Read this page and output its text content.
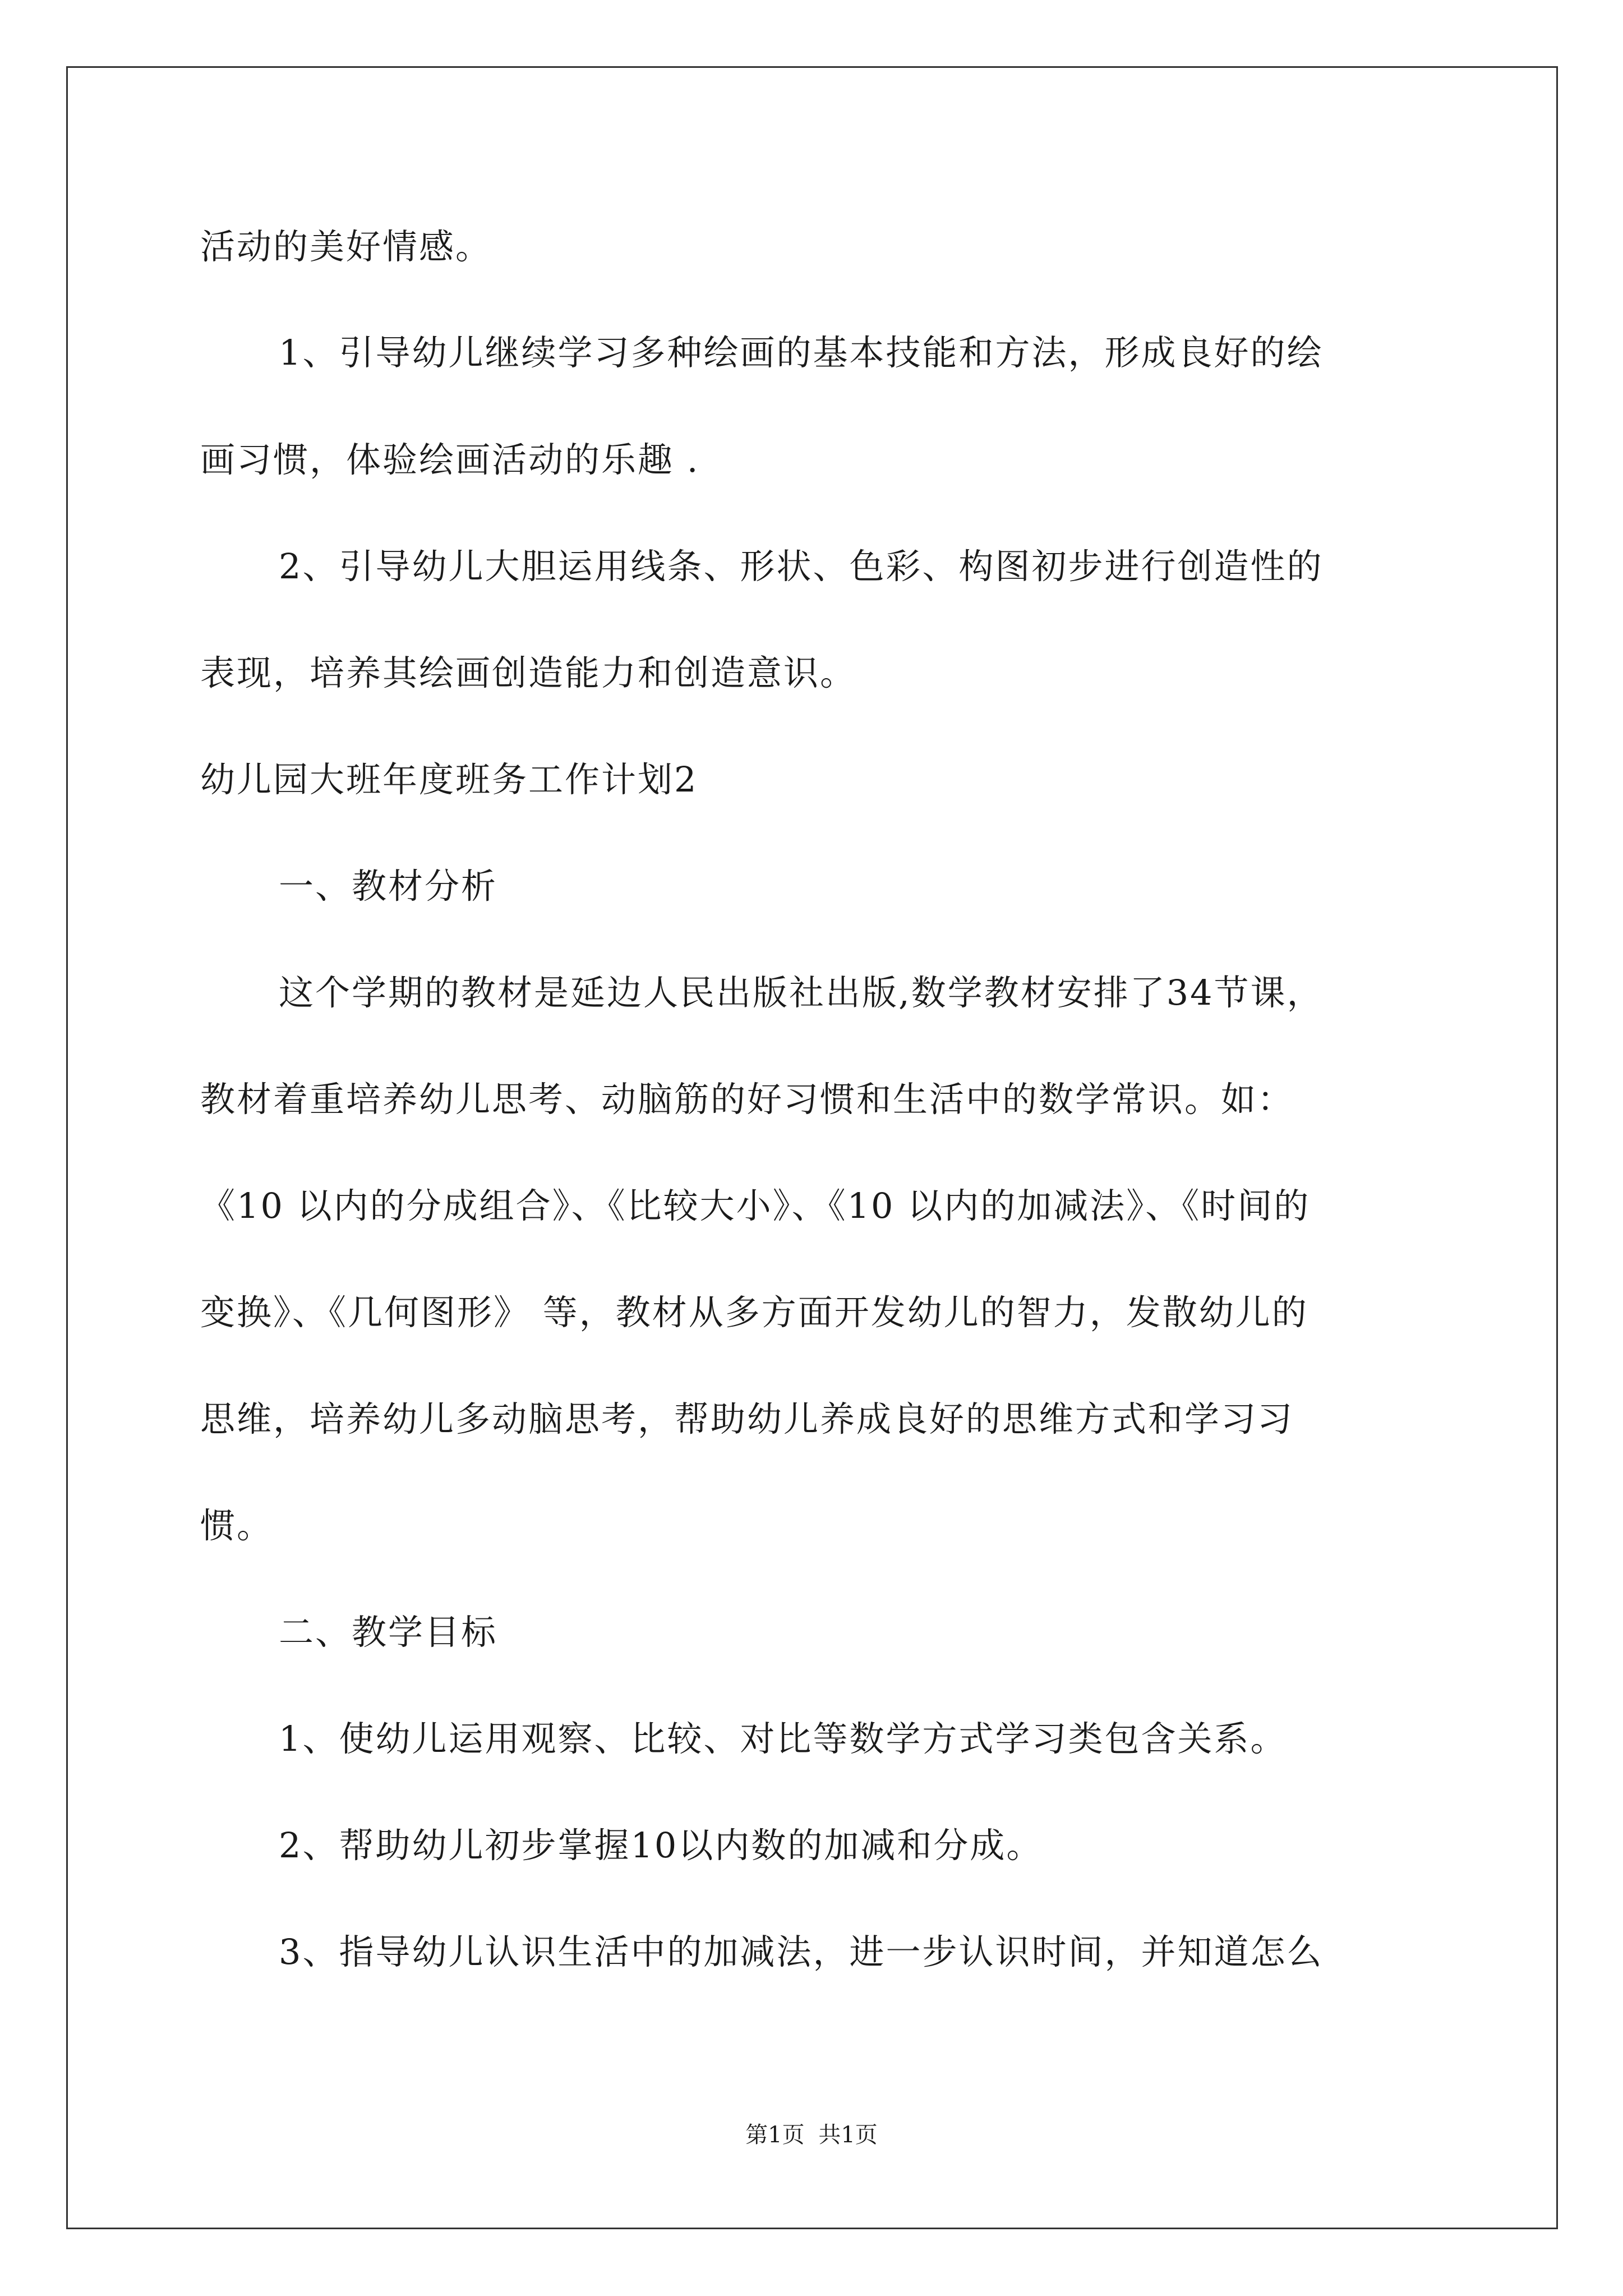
活动的美好情感。
1、引导幼儿继续学习多种绘画的基本技能和方法，形成良好的绘
画习惯，体验绘画活动的乐趣 .
2、引导幼儿大胆运用线条、形状、色彩、构图初步进行创造性的
表现，培养其绘画创造能力和创造意识。
幼儿园大班年度班务工作计划2
一、教材分析
这个学期的教材是延边人民出版社出版,数学教材安排了34节课，
教材着重培养幼儿思考、动脑筋的好习惯和生活中的数学常识。如：
《10 以内的分成组合》、《比较大小》、《10 以内的加减法》、《时间的
变换》、《几何图形》 等，教材从多方面开发幼儿的智力，发散幼儿的
思维，培养幼儿多动脑思考，帮助幼儿养成良好的思维方式和学习习
惯。
二、教学目标
1、使幼儿运用观察、比较、对比等数学方式学习类包含关系。
2、帮助幼儿初步掌握10以内数的加减和分成。
3、指导幼儿认识生活中的加减法，进一步认识时间，并知道怎么
第1页 共1页
